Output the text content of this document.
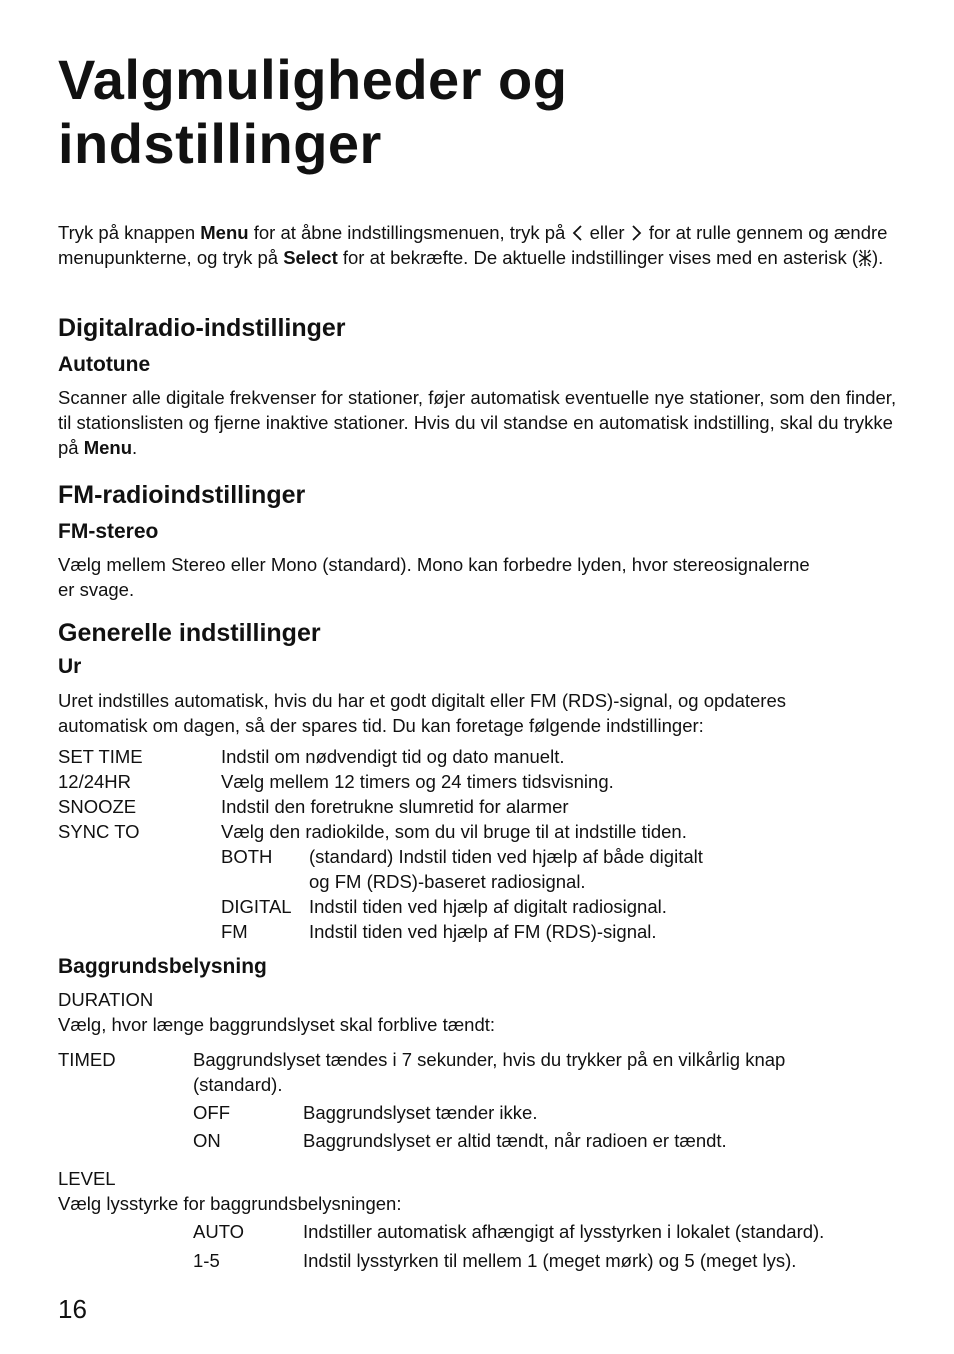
Valgmuligheder og
indstillinger

Tryk på knappen Menu for at åbne indstillingsmenuen, tryk på  eller  for at rulle gennem og ændre menupunkterne, og tryk på Select for at bekræfte. De aktuelle indstillinger vises med en asterisk ( ).

Digitalradio-indstillinger
Autotune

Scanner alle digitale frekvenser for stationer, føjer automatisk eventuelle nye stationer, som den finder, til stationslisten og fjerne inaktive stationer. Hvis du vil standse en automatisk indstilling, skal du trykke på Menu.

FM-radioindstillinger
FM-stereo
Vælg mellem Stereo eller Mono (standard). Mono kan forbedre lyden, hvor stereosignalerne
er svage.
Generelle indstillinger
Ur
Uret indstilles automatisk, hvis du har et godt digitalt eller FM (RDS)-signal, og opdateres
automatisk om dagen, så der spares tid. Du kan foretage følgende indstillinger:
SET TIME	Indstil om nødvendigt tid og dato manuelt.
12/24HR	Vælg mellem 12 timers og 24 timers tidsvisning.
SNOOZE	Indstil den foretrukne slumretid for alarmer
SYNC TO	Vælg den radiokilde, som du vil bruge til at indstille tiden.
BOTH (standard) Indstil tiden ved hjælp af både digitalt
og FM (RDS)-baseret radiosignal.
DIGITAL Indstil tiden ved hjælp af digitalt radiosignal.
FM	Indstil tiden ved hjælp af FM (RDS)-signal.
Baggrundsbelysning
DURATION
Vælg, hvor længe baggrundslyset skal forblive tændt:
TIMED	Baggrundslyset tændes i 7 sekunder, hvis du trykker på en vilkårlig knap
(standard).
OFF	Baggrundslyset tænder ikke.
ON	Baggrundslyset er altid tændt, når radioen er tændt.
LEVEL
Vælg lysstyrke for baggrundsbelysningen:
AUTO	Indstiller automatisk afhængigt af lysstyrken i lokalet (standard).
1-5	Indstil lysstyrken til mellem 1 (meget mørk) og 5 (meget lys).
16
